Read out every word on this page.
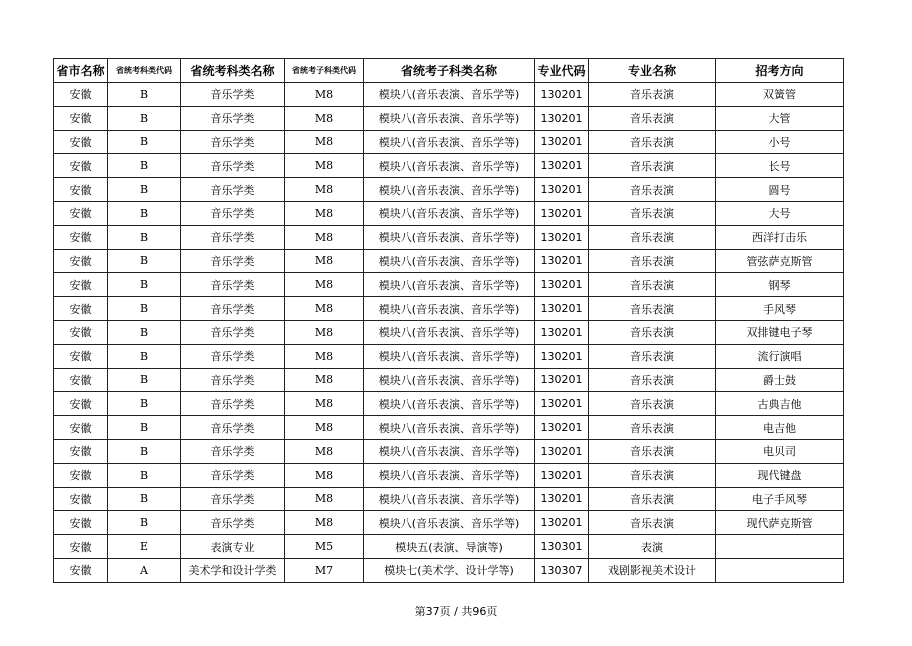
省市名称	省统考科类代码	省统考科类名称	省统考子科类代码	省统考子科类名称	专业代码	专业名称	招考方向
安徽	B	音乐学类	M8	模块八(音乐表演、音乐学等)	130201	音乐表演	双簧管
安徽	B	音乐学类	M8	模块八(音乐表演、音乐学等)	130201	音乐表演	大管
安徽	B	音乐学类	M8	模块八(音乐表演、音乐学等)	130201	音乐表演	小号
安徽	B	音乐学类	M8	模块八(音乐表演、音乐学等)	130201	音乐表演	长号
安徽	B	音乐学类	M8	模块八(音乐表演、音乐学等)	130201	音乐表演	圆号
安徽	B	音乐学类	M8	模块八(音乐表演、音乐学等)	130201	音乐表演	大号
安徽	B	音乐学类	M8	模块八(音乐表演、音乐学等)	130201	音乐表演	西洋打击乐
安徽	B	音乐学类	M8	模块八(音乐表演、音乐学等)	130201	音乐表演	管弦萨克斯管
安徽	B	音乐学类	M8	模块八(音乐表演、音乐学等)	130201	音乐表演	钢琴
安徽	B	音乐学类	M8	模块八(音乐表演、音乐学等)	130201	音乐表演	手风琴
安徽	B	音乐学类	M8	模块八(音乐表演、音乐学等)	130201	音乐表演	双排键电子琴
安徽	B	音乐学类	M8	模块八(音乐表演、音乐学等)	130201	音乐表演	流行演唱
安徽	B	音乐学类	M8	模块八(音乐表演、音乐学等)	130201	音乐表演	爵士鼓
安徽	B	音乐学类	M8	模块八(音乐表演、音乐学等)	130201	音乐表演	古典吉他
安徽	B	音乐学类	M8	模块八(音乐表演、音乐学等)	130201	音乐表演	电吉他
安徽	B	音乐学类	M8	模块八(音乐表演、音乐学等)	130201	音乐表演	电贝司
安徽	B	音乐学类	M8	模块八(音乐表演、音乐学等)	130201	音乐表演	现代键盘
安徽	B	音乐学类	M8	模块八(音乐表演、音乐学等)	130201	音乐表演	电子手风琴
安徽	B	音乐学类	M8	模块八(音乐表演、音乐学等)	130201	音乐表演	现代萨克斯管
安徽	E	表演专业	M5	模块五(表演、导演等)	130301	表演	
安徽	A	美术学和设计学类	M7	模块七(美术学、设计学等)	130307	戏剧影视美术设计	
第37页 / 共96页
